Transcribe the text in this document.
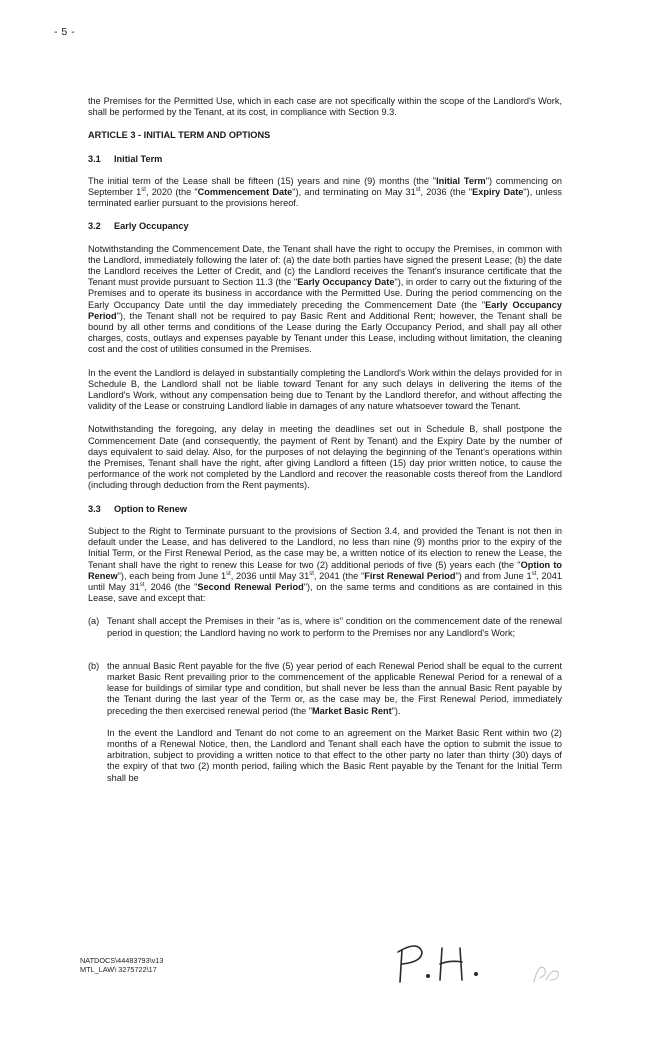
- 5 -

the Premises for the Permitted Use, which in each case are not specifically within the scope of the Landlord's Work, shall be performed by the Tenant, at its cost, in compliance with Section 9.3.

ARTICLE 3 - INITIAL TERM AND OPTIONS
3.1	Initial Term

The initial term of the Lease shall be fifteen (15) years and nine (9) months (the "Initial Term") commencing on September 1st, 2020 (the "Commencement Date"), and terminating on May 31st, 2036 (the "Expiry Date"), unless terminated earlier pursuant to the provisions hereof.

3.2	Early Occupancy

Notwithstanding the Commencement Date, the Tenant shall have the right to occupy the Premises, in common with the Landlord, immediately following the later of: (a) the date both parties have signed the present Lease; (b) the date the Landlord receives the Letter of Credit, and (c) the Landlord receives the Tenant's insurance certificate that the Tenant must provide pursuant to Section 11.3 (the "Early Occupancy Date"), in order to carry out the fixturing of the Premises and to operate its business in accordance with the Permitted Use. During the period commencing on the Early Occupancy Date until the day immediately preceding the Commencement Date (the "Early Occupancy Period"), the Tenant shall not be required to pay Basic Rent and Additional Rent; however, the Tenant shall be bound by all other terms and conditions of the Lease during the Early Occupancy Period, and shall pay all other charges, costs, outlays and expenses payable by Tenant under this Lease, including without limitation, the cleaning cost and the cost of utilities consumed in the Premises.

In the event the Landlord is delayed in substantially completing the Landlord's Work within the delays provided for in Schedule B, the Landlord shall not be liable toward Tenant for any such delays in delivering the items of the Landlord's Work, without any compensation being due to Tenant by the Landlord therefor, and without affecting the validity of the Lease or construing Landlord liable in damages of any nature whatsoever toward the Tenant.

Notwithstanding the foregoing, any delay in meeting the deadlines set out in Schedule B, shall postpone the Commencement Date (and consequently, the payment of Rent by Tenant) and the Expiry Date by the number of days equivalent to said delay. Also, for the purposes of not delaying the beginning of the Tenant's operations within the Premises, Tenant shall have the right, after giving Landlord a fifteen (15) day prior written notice, to cause the performance of the work not completed by the Landlord and recover the reasonable costs thereof from the Landlord (including through deduction from the Rent payments).

3.3	Option to Renew

Subject to the Right to Terminate pursuant to the provisions of Section 3.4, and provided the Tenant is not then in default under the Lease, and has delivered to the Landlord, no less than nine (9) months prior to the expiry of the Initial Term, or the First Renewal Period, as the case may be, a written notice of its election to renew the Lease, the Tenant shall have the right to renew this Lease for two (2) additional periods of five (5) years each (the "Option to Renew"), each being from June 1st, 2036 until May 31st, 2041 (the "First Renewal Period") and from June 1st, 2041 until May 31st, 2046 (the "Second Renewal Period"), on the same terms and conditions as are contained in this Lease, save and except that:

(a) Tenant shall accept the Premises in their "as is, where is" condition on the commencement date of the renewal period in question; the Landlord having no work to perform to the Premises nor any Landlord's Work;

(b) the annual Basic Rent payable for the five (5) year period of each Renewal Period shall be equal to the current market Basic Rent prevailing prior to the commencement of the applicable Renewal Period for a renewal of a lease for buildings of similar type and condition, but shall never be less than the annual Basic Rent payable by the Tenant during the last year of the Term or, as the case may be, the First Renewal Period, immediately preceding the then exercised renewal period (the "Market Basic Rent").

In the event the Landlord and Tenant do not come to an agreement on the Market Basic Rent within two (2) months of a Renewal Notice, then, the Landlord and Tenant shall each have the option to submit the issue to arbitration, subject to providing a written notice to that effect to the other party no later than thirty (30) days of the expiry of that two (2) month period, failing which the Basic Rent payable by the Tenant for the Initial Term shall be

NATDOCS\44483793\v13
MTL_LAW\ 3275722\17
